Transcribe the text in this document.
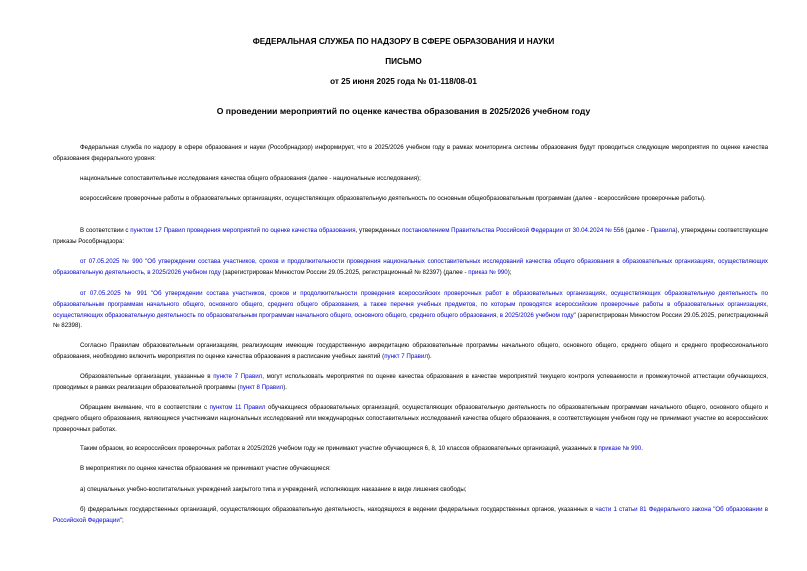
ФЕДЕРАЛЬНАЯ СЛУЖБА ПО НАДЗОРУ В СФЕРЕ ОБРАЗОВАНИЯ И НАУКИ
ПИСЬМО
от 25 июня 2025 года № 01-118/08-01
О проведении мероприятий по оценке качества образования в 2025/2026 учебном году
Федеральная служба по надзору в сфере образования и науки (Рособрнадзор) информирует, что в 2025/2026 учебном году в рамках мониторинга системы образования будут проводиться следующие мероприятия по оценке качества образования федерального уровня:
национальные сопоставительные исследования качества общего образования (далее - национальные исследования);
всероссийские проверочные работы в образовательных организациях, осуществляющих образовательную деятельность по основным общеобразовательным программам (далее - всероссийские проверочные работы).
В соответствии с пунктом 17 Правил проведения мероприятий по оценке качества образования, утвержденных постановлением Правительства Российской Федерации от 30.04.2024 № 556 (далее - Правила), утверждены соответствующие приказы Рособрнадзора:
от 07.05.2025 № 990 "Об утверждении состава участников, сроков и продолжительности проведения национальных сопоставительных исследований качества общего образования в образовательных организациях, осуществляющих образовательную деятельность, в 2025/2026 учебном году (зарегистрирован Минюстом России 29.05.2025, регистрационный № 82397) (далее - приказ № 990);
от 07.05.2025 № 991 "Об утверждении состава участников, сроков и продолжительности проведения всероссийских проверочных работ в образовательных организациях, осуществляющих образовательную деятельность по образовательным программам начального общего, основного общего, среднего общего образования, а также перечня учебных предметов, по которым проводятся всероссийские проверочные работы в образовательных организациях, осуществляющих образовательную деятельность по образовательным программам начального общего, основного общего, среднего общего образования, в 2025/2026 учебном году" (зарегистрирован Минюстом России 29.05.2025, регистрационный № 82398).
Согласно Правилам образовательным организациям, реализующим имеющие государственную аккредитацию образовательные программы начального общего, основного общего, среднего общего и среднего профессионального образования, необходимо включить мероприятия по оценке качества образования в расписание учебных занятий (пункт 7 Правил).
Образовательные организации, указанные в пункте 7 Правил, могут использовать мероприятия по оценке качества образования в качестве мероприятий текущего контроля успеваемости и промежуточной аттестации обучающихся, проводимых в рамках реализации образовательной программы (пункт 8 Правил).
Обращаем внимание, что в соответствии с пунктом 11 Правил обучающиеся образовательных организаций, осуществляющих образовательную деятельность по образовательным программам начального общего, основного общего и среднего общего образования, являющиеся участниками национальных исследований или международных сопоставительных исследований качества общего образования, в соответствующем учебном году не принимают участие во всероссийских проверочных работах.
Таким образом, во всероссийских проверочных работах в 2025/2026 учебном году не принимают участие обучающиеся 6, 8, 10 классов образовательных организаций, указанных в приказе № 990.
В мероприятиях по оценке качества образования не принимают участие обучающиеся:
а) специальных учебно-воспитательных учреждений закрытого типа и учреждений, исполняющих наказание в виде лишения свободы;
б) федеральных государственных организаций, осуществляющих образовательную деятельность, находящихся в ведении федеральных государственных органов, указанных в части 1 статьи 81 Федерального закона "Об образовании в Российской Федерации";
